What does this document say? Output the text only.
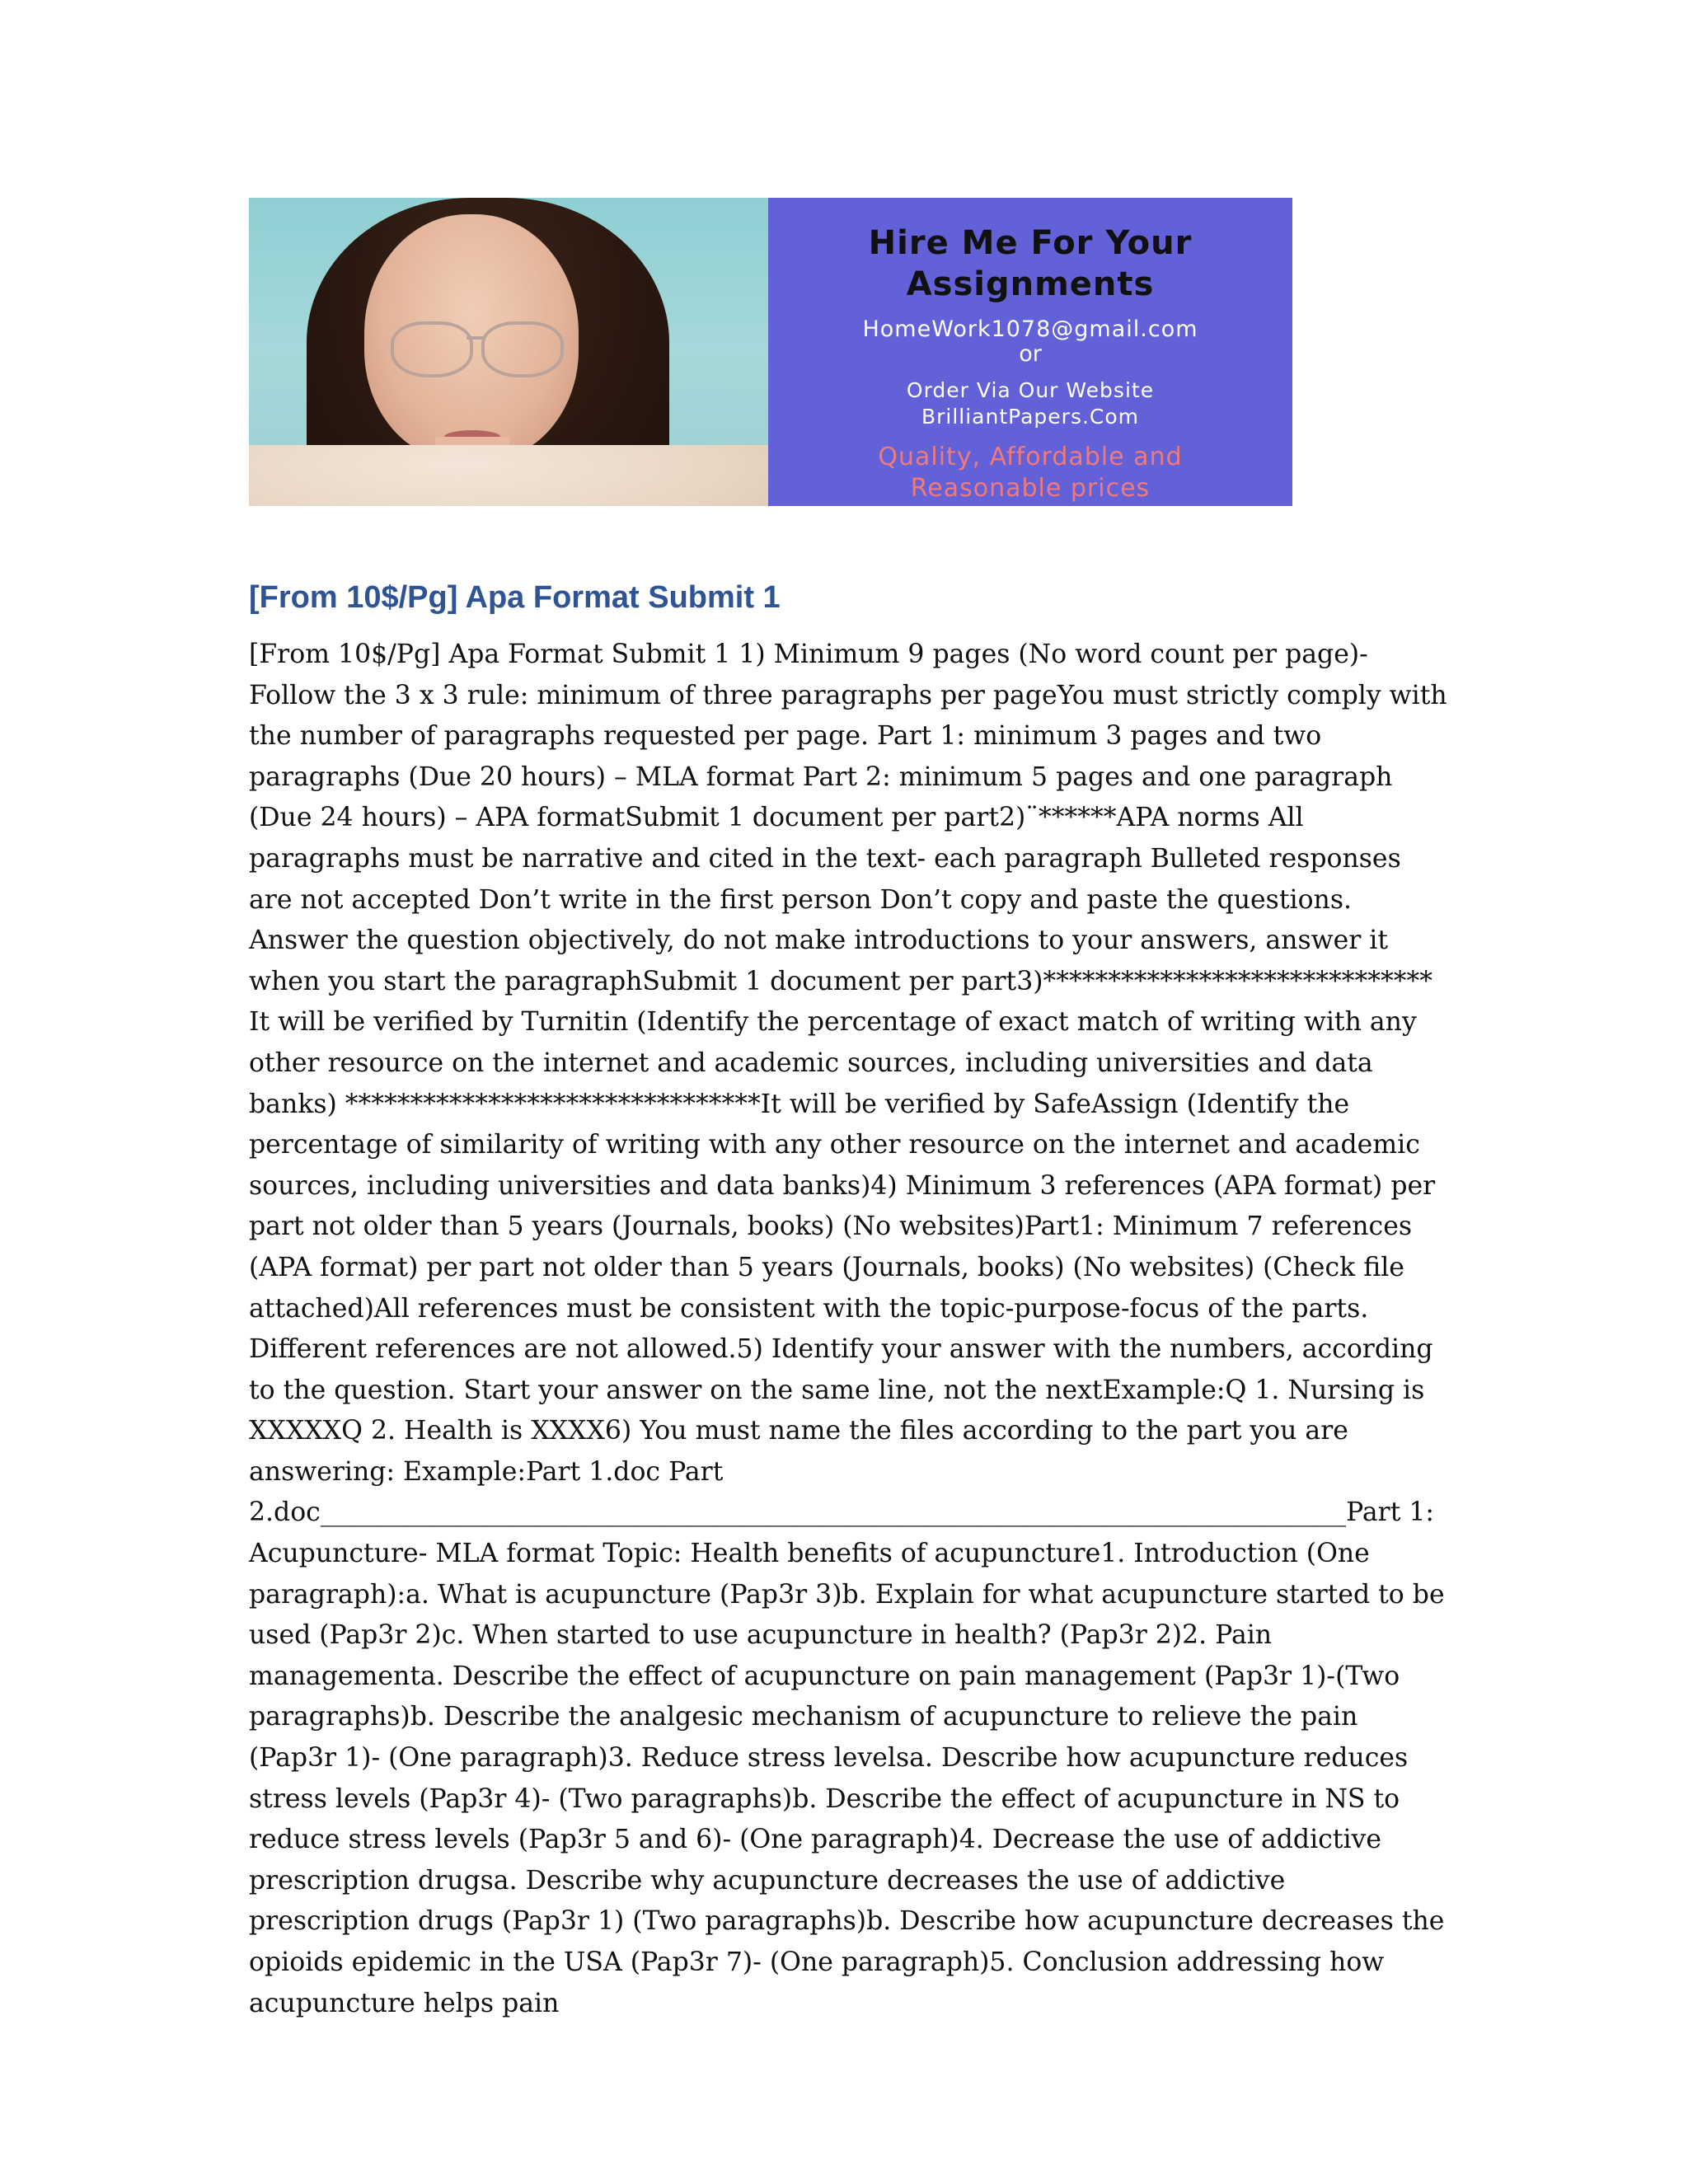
Hire Me For Your Assignments
HomeWork1078@gmail.com
or
Order Via Our Website
BrilliantPapers.Com
Quality, Affordable and Reasonable prices
[From 10$/Pg] Apa Format Submit 1

[From 10$/Pg] Apa Format Submit 1 1) Minimum 9 pages (No word count per page)- Follow the 3 x 3 rule: minimum of three paragraphs per pageYou must strictly comply with the number of paragraphs requested per page. Part 1: minimum 3 pages and two paragraphs (Due 20 hours) – MLA format Part 2: minimum 5 pages and one paragraph (Due 24 hours) – APA formatSubmit 1 document per part2)¨******APA norms All paragraphs must be narrative and cited in the text- each paragraph Bulleted responses are not accepted Don’t write in the first person Don’t copy and paste the questions. Answer the question objectively, do not make introductions to your answers, answer it when you start the paragraphSubmit 1 document per part3)****************************** It will be verified by Turnitin (Identify the percentage of exact match of writing with any other resource on the internet and academic sources, including universities and data banks) ********************************It will be verified by SafeAssign (Identify the percentage of similarity of writing with any other resource on the internet and academic sources, including universities and data banks)4) Minimum 3 references (APA format) per part not older than 5 years (Journals, books) (No websites)Part1: Minimum 7 references (APA format) per part not older than 5 years (Journals, books) (No websites) (Check file attached)All references must be consistent with the topic-purpose-focus of the parts. Different references are not allowed.5) Identify your answer with the numbers, according to the question. Start your answer on the same line, not the nextExample:Q 1. Nursing is XXXXXQ 2. Health is XXXX6) You must name the files according to the part you are answering: Example:Part 1.doc Part 2.doc_______________________________________________________________________________Part 1: Acupuncture- MLA format Topic: Health benefits of acupuncture1. Introduction (One paragraph):a. What is acupuncture (Pap3r 3)b. Explain for what acupuncture started to be used (Pap3r 2)c. When started to use acupuncture in health? (Pap3r 2)2. Pain managementa. Describe the effect of acupuncture on pain management (Pap3r 1)-(Two paragraphs)b. Describe the analgesic mechanism of acupuncture to relieve the pain (Pap3r 1)- (One paragraph)3. Reduce stress levelsa. Describe how acupuncture reduces stress levels (Pap3r 4)- (Two paragraphs)b. Describe the effect of acupuncture in NS to reduce stress levels (Pap3r 5 and 6)- (One paragraph)4. Decrease the use of addictive prescription drugsa. Describe why acupuncture decreases the use of addictive prescription drugs (Pap3r 1) (Two paragraphs)b. Describe how acupuncture decreases the opioids epidemic in the USA (Pap3r 7)- (One paragraph)5. Conclusion addressing how acupuncture helps pain
